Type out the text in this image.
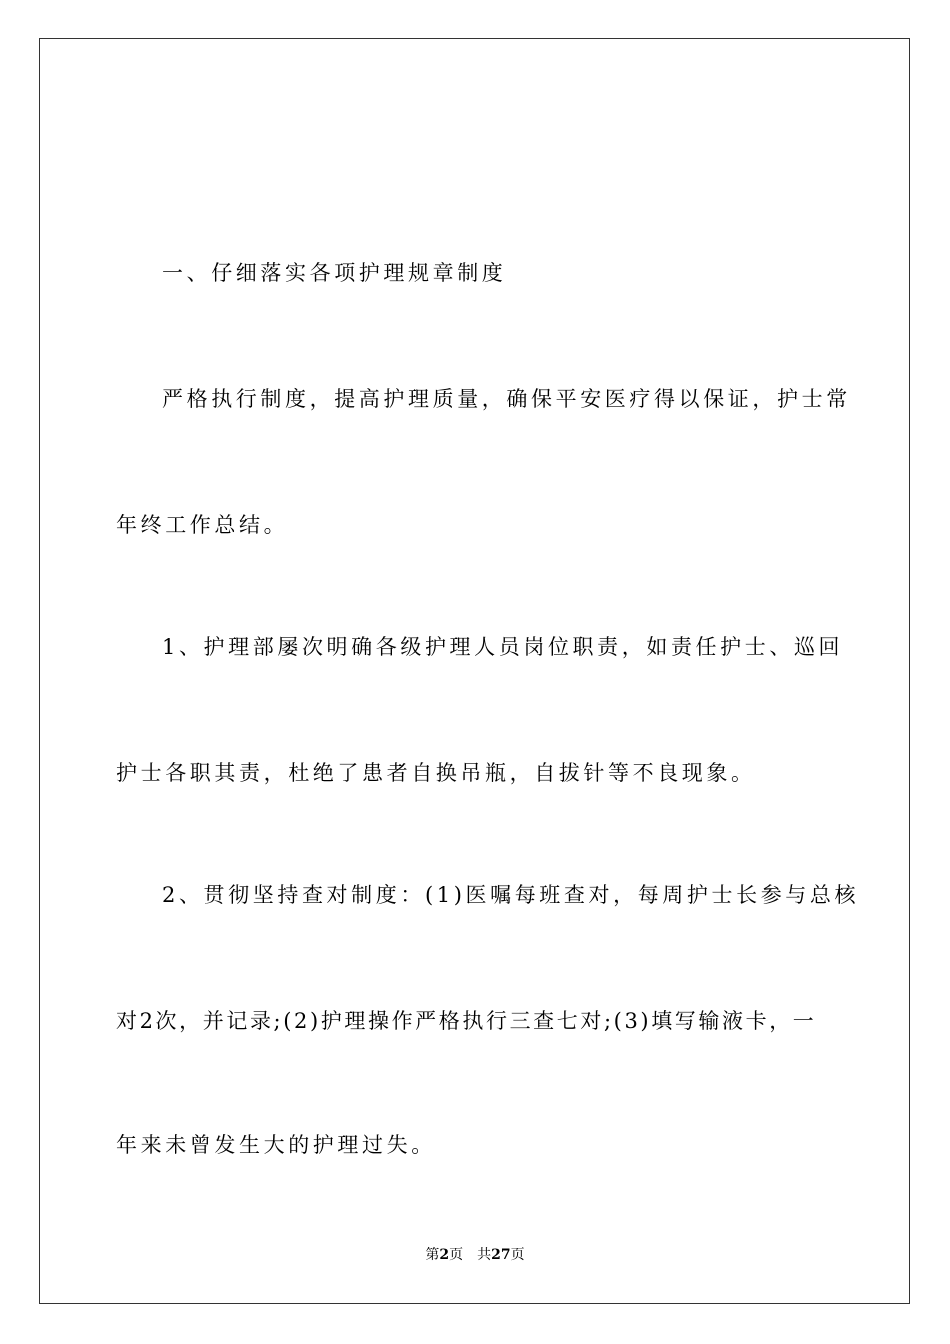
一、仔细落实各项护理规章制度
严格执行制度，提高护理质量，确保平安医疗得以保证，护士常
年终工作总结。
1、护理部屡次明确各级护理人员岗位职责，如责任护士、巡回
护士各职其责，杜绝了患者自换吊瓶，自拔针等不良现象。
2、贯彻坚持查对制度：(1)医嘱每班查对，每周护士长参与总核
对2次，并记录;(2)护理操作严格执行三查七对;(3)填写输液卡，一
年来未曾发生大的护理过失。
第2页 共27页
